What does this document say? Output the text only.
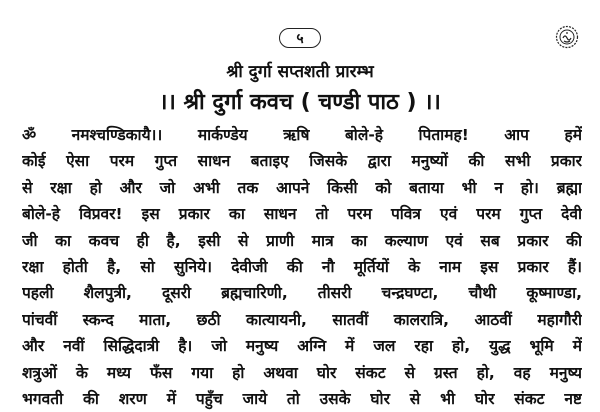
५
श्री दुर्गा सप्तशती प्रारम्भ
।। श्री दुर्गा कवच ( चण्डी पाठ ) ।।
ॐ नमश्चण्डिकायै।। मार्कण्डेय ऋषि बोले-हे पितामह! आप हमें
कोई ऐसा परम गुप्त साधन बताइए जिसके द्वारा मनुष्यों की सभी प्रकार
से रक्षा हो और जो अभी तक आपने किसी को बताया भी न हो। ब्रह्मा
बोले-हे विप्रवर! इस प्रकार का साधन तो परम पवित्र एवं परम गुप्त देवी
जी का कवच ही है, इसी से प्राणी मात्र का कल्याण एवं सब प्रकार की
रक्षा होती है, सो सुनिये। देवीजी की नौ मूर्तियों के नाम इस प्रकार हैं।
पहली शैलपुत्री, दूसरी ब्रह्मचारिणी, तीसरी चन्द्रघण्टा, चौथी कूष्माण्डा,
पांचवीं स्कन्द माता, छठी कात्यायनी, सातवीं कालरात्रि, आठवीं महागौरी
और नवीं सिद्धिदात्री है। जो मनुष्य अग्नि में जल रहा हो, युद्ध भूमि में
शत्रुओं के मध्य फँस गया हो अथवा घोर संकट से ग्रस्त हो, वह मनुष्य
भगवती की शरण में पहुँच जाये तो उसके घोर से भी घोर संकट नष्ट
